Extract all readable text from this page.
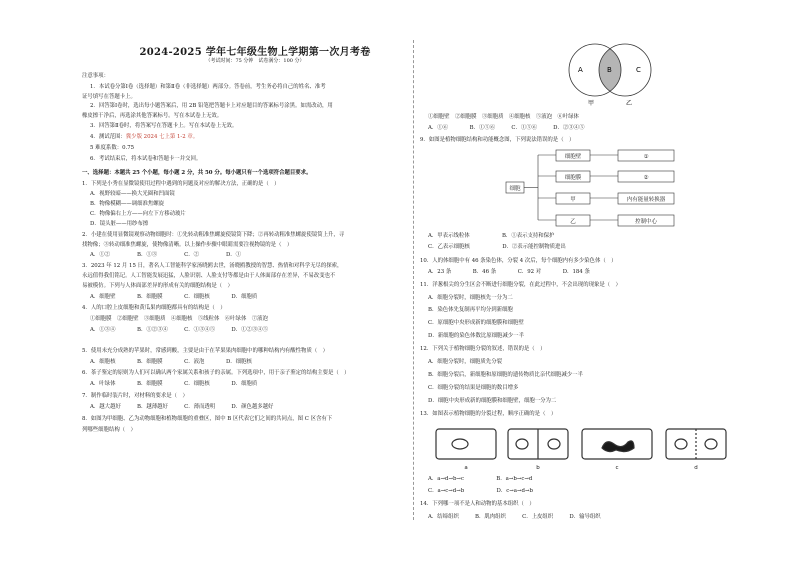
2024-2025 学年七年级生物上学期第一次月考卷
（考试时间：75 分钟　试卷满分：100 分）
注意事项：
1．本试卷分第Ⅰ卷（选择题）和第Ⅱ卷（非选择题）两部分。答卷前，考生务必将自己的姓名、准考
证号填写在答题卡上。
2．回答第Ⅰ卷时，选出每小题答案后，用 2B 铅笔把答题卡上对应题目的答案标号涂黑。如需改动，用
橡皮擦干净后，再选涂其他答案标号。写在本试卷上无效。
3．回答第Ⅱ卷时，将答案写在答题卡上。写在本试卷上无效。
4．测试范围：冀少版 2024 七上第 1-2 章。
5 难度系数：0.75
6．考试结束后，将本试卷和答题卡一并交回。
一、选择题：本题共 25 个小题，每小题 2 分，共 50 分。每小题只有一个选项符合题目要求。
1．下列是小秀在显微镜使用过程中遇到的问题及对应的解决方法，正确的是（　）
A．视野较暗——换大光圈和凹面镜
B．物像模糊——调细准焦螺旋
C．物像偏右上方——向左下方移动玻片
D．镜头脏——用纱布擦
2．小建在使用显微镜观察动物细胞时：①先转动粗准焦螺旋使镜筒下降；②再转动粗准焦螺旋使镜筒上升，寻
找物像；③转动细准焦螺旋，使物像清晰。以上操作步骤中眼睛需要注视物镜的是（　）
A．①②　　　　　B．①③　　　　　C．②　　　　　D．①
3．2023 年 12 月 15 日，著名人工智能科学家汤晓鸥去世，汤晓鸥教授的智慧、热情和对科学无尽的探索，
永远值得我们铭记。人工智能发展迅猛，人脸识别、人脸支付等都是由于人体面部存在差异，不易改变也不
易被模仿。下列与人体面部差异的形成有关的细胞结构是（　）
A．细胞壁　　　　B．细胞膜　　　　C．细胞核　　　　D．细胞质
4．人的口腔上皮细胞和黄瓜果肉细胞都具有的结构是（　）
①细胞膜　②细胞壁　③细胞质　④细胞核　⑤线粒体　⑥叶绿体　⑦液泡
A．①③④　　　　B．①②③④　　　C．①③④⑤　　　D．①②③④⑤
5．使用未充分成熟的苹果时，常感到酸，主要是由于在苹果果肉细胞中的哪种结构内有酸性物质（　）
A．细胞核　　　　B．细胞膜　　　　C．液泡　　　　D．细胞核
6．茶子鉴定的原则为人们可以确认两个家属关系和孩子的亲属。下列选项中，用于亲子鉴定的结构主要是（　）
A．叶绿体　　　　B．细胞膜　　　　C．细胞核　　　　D．细胞质
7．制作临时装片时，对材料的要求是（　）
A．越大越好　　　B．越薄越好　　　C．薄而透明　　　D．颜色越多越好
8．如图为甲细胞、乙为动物细胞和植物细胞的重叠区，图中 B 区代表它们之间的共同点，图 C 区含有下
列哪些细胞结构（　）
A	B	C
甲	乙
①细胞壁　②细胞膜　③细胞质　④细胞核　⑤液泡　⑥叶绿体
A．①⑥　　　　B．①⑤⑥　　　C．①⑤⑥　　　D．②③④⑤
9．如图是植物细胞结构和功能概念图，下列说法错误的是（　）
细胞
细胞壁
细胞膜
甲
乙
①
②
内有能量转换器
控制中心
A．甲表示线粒体　　　　　　B．①表示支持和保护
C．乙表示细胞核　　　　　　D．②表示能控制物质进出
10．人的体细胞中有 46 条染色体，分裂 4 次后，每个细胞内有多少染色体（　）
A．23 条　　　　B．46 条　　　　C．92 对　　　　D．184 条
11．洋葱根尖的分生区会不断进行细胞分裂，在此过程中，不会出现的现象是（　）
A．细胞分裂时，细胞核先一分为二
B．染色体先复制再平均分到新细胞
C．原细胞中央形成新的细胞膜和细胞壁
D．新细胞的染色体数比原细胞减少一半
12．下列关于植物细胞分裂的叙述，错误的是（　）
A．细胞分裂时，细胞质先分裂
B．细胞分裂后，新细胞和原细胞的遗传物质比亲代细胞减少一半
C．细胞分裂的结果是细胞的数目增多
D．细胞中央形成新的细胞膜和细胞壁，细胞一分为二
13．如图表示植物细胞的分裂过程，顺序正确的是（　）
a	b	c	d
A．a→d→b→c　　　　　　B．a→b→c→d
C．a→c→d→b　　　　　　D．c→a→d→b
14．下列哪一项不是人和动物的基本组织（　）
A．结缔组织　　　B．肌肉组织　　　C．上皮组织　　　D．输导组织
